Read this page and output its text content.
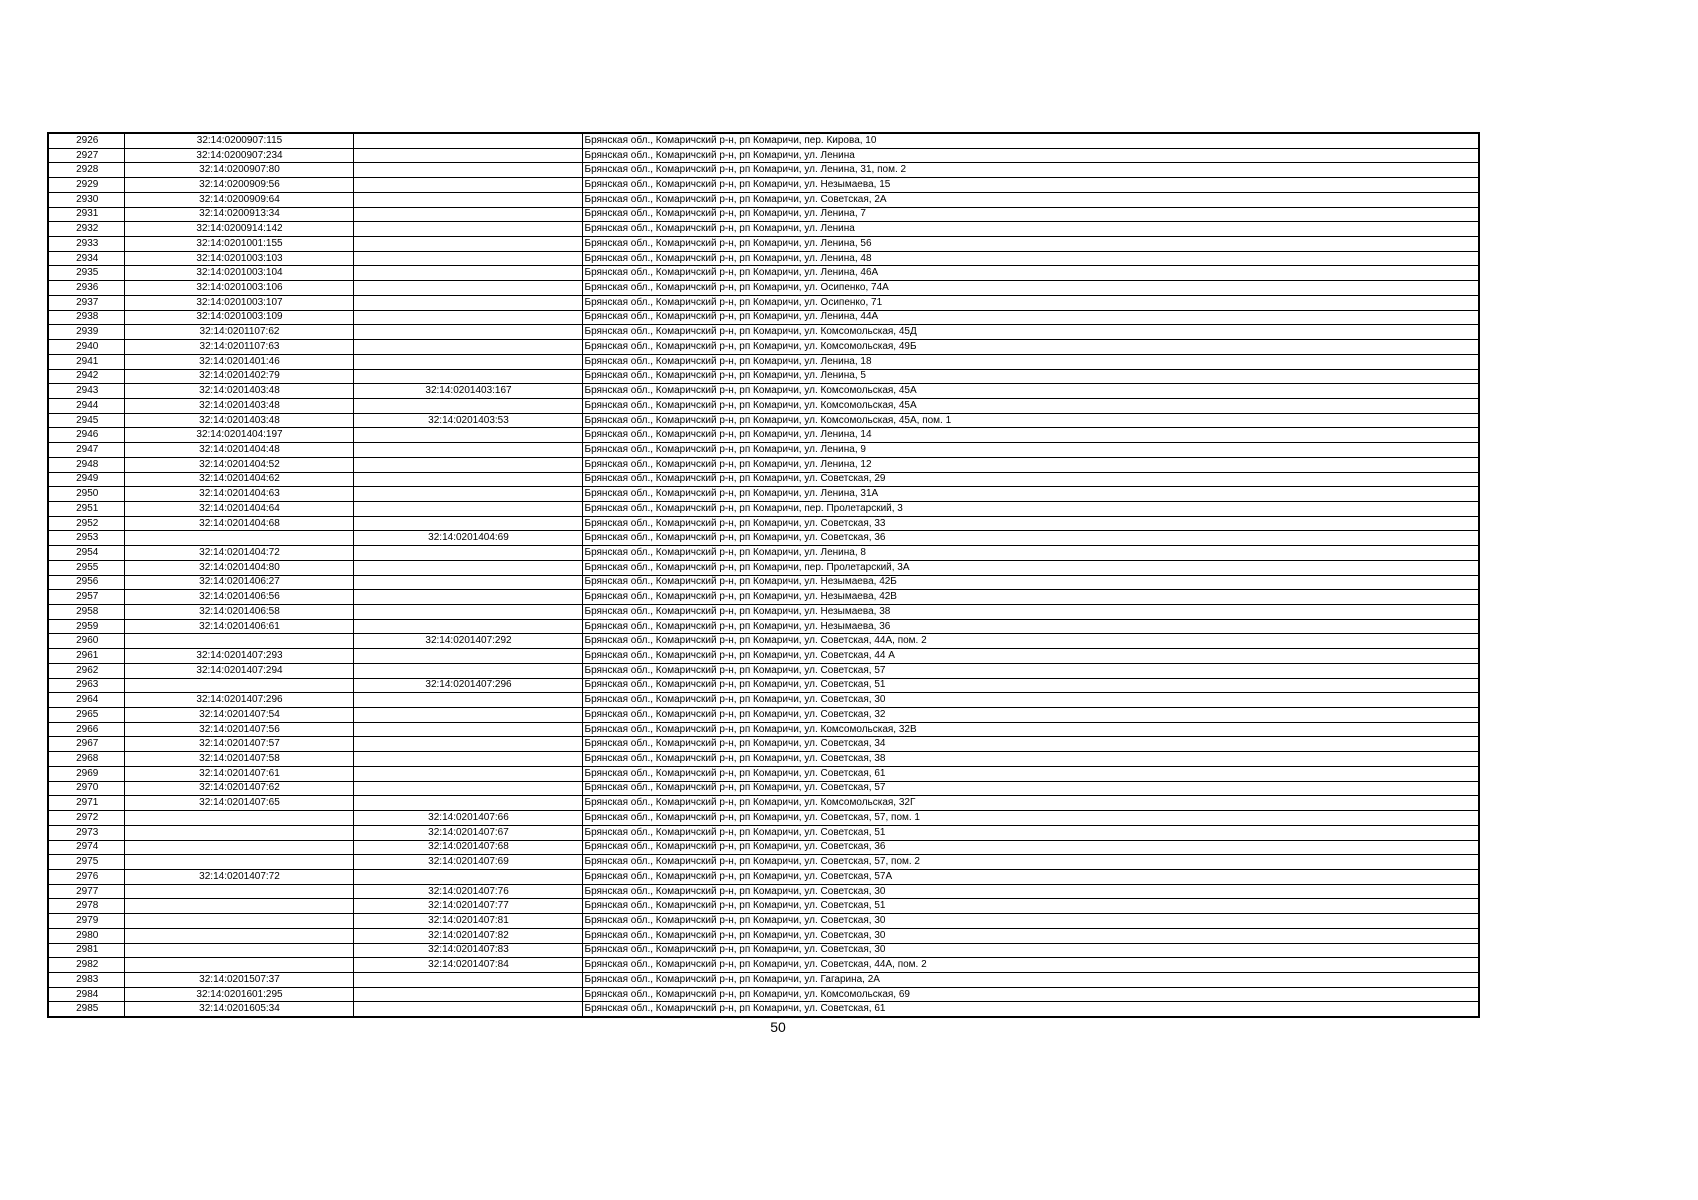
2926	32:14:0200907:115		Брянская обл., Комаричский р-н, рп Комаричи, пер. Кирова, 10
2927	32:14:0200907:234		Брянская обл., Комаричский р-н, рп Комаричи, ул. Ленина
2928	32:14:0200907:80		Брянская обл., Комаричский р-н, рп Комаричи, ул. Ленина, 31, пом. 2
2929	32:14:0200909:56		Брянская обл., Комаричский р-н, рп Комаричи, ул. Незымаева, 15
2930	32:14:0200909:64		Брянская обл., Комаричский р-н, рп Комаричи, ул. Советская, 2А
2931	32:14:0200913:34		Брянская обл., Комаричский р-н, рп Комаричи, ул. Ленина, 7
2932	32:14:0200914:142		Брянская обл., Комаричский р-н, рп Комаричи, ул. Ленина
2933	32:14:0201001:155		Брянская обл., Комаричский р-н, рп Комаричи, ул. Ленина, 56
2934	32:14:0201003:103		Брянская обл., Комаричский р-н, рп Комаричи, ул. Ленина, 48
2935	32:14:0201003:104		Брянская обл., Комаричский р-н, рп Комаричи, ул. Ленина, 46А
2936	32:14:0201003:106		Брянская обл., Комаричский р-н, рп Комаричи, ул. Осипенко, 74А
2937	32:14:0201003:107		Брянская обл., Комаричский р-н, рп Комаричи, ул. Осипенко, 71
2938	32:14:0201003:109		Брянская обл., Комаричский р-н, рп Комаричи, ул. Ленина, 44А
2939	32:14:0201107:62		Брянская обл., Комаричский р-н, рп Комаричи, ул. Комсомольская, 45Д
2940	32:14:0201107:63		Брянская обл., Комаричский р-н, рп Комаричи, ул. Комсомольская, 49Б
2941	32:14:0201401:46		Брянская обл., Комаричский р-н, рп Комаричи, ул. Ленина, 18
2942	32:14:0201402:79		Брянская обл., Комаричский р-н, рп Комаричи, ул. Ленина, 5
2943	32:14:0201403:48	32:14:0201403:167	Брянская обл., Комаричский р-н, рп Комаричи, ул. Комсомольская, 45А
2944	32:14:0201403:48		Брянская обл., Комаричский р-н, рп Комаричи, ул. Комсомольская, 45А
2945	32:14:0201403:48	32:14:0201403:53	Брянская обл., Комаричский р-н, рп Комаричи, ул. Комсомольская, 45А, пом. 1
2946	32:14:0201404:197		Брянская обл., Комаричский р-н, рп Комаричи, ул. Ленина, 14
2947	32:14:0201404:48		Брянская обл., Комаричский р-н, рп Комаричи, ул. Ленина, 9
2948	32:14:0201404:52		Брянская обл., Комаричский р-н, рп Комаричи, ул. Ленина, 12
2949	32:14:0201404:62		Брянская обл., Комаричский р-н, рп Комаричи, ул. Советская, 29
2950	32:14:0201404:63		Брянская обл., Комаричский р-н, рп Комаричи, ул. Ленина, 31А
2951	32:14:0201404:64		Брянская обл., Комаричский р-н, рп Комаричи, пер. Пролетарский, 3
2952	32:14:0201404:68		Брянская обл., Комаричский р-н, рп Комаричи, ул. Советская, 33
2953		32:14:0201404:69	Брянская обл., Комаричский р-н, рп Комаричи, ул. Советская, 36
2954	32:14:0201404:72		Брянская обл., Комаричский р-н, рп Комаричи, ул. Ленина, 8
2955	32:14:0201404:80		Брянская обл., Комаричский р-н, рп Комаричи, пер. Пролетарский, 3А
2956	32:14:0201406:27		Брянская обл., Комаричский р-н, рп Комаричи, ул. Незымаева, 42Б
2957	32:14:0201406:56		Брянская обл., Комаричский р-н, рп Комаричи, ул. Незымаева, 42В
2958	32:14:0201406:58		Брянская обл., Комаричский р-н, рп Комаричи, ул. Незымаева, 38
2959	32:14:0201406:61		Брянская обл., Комаричский р-н, рп Комаричи, ул. Незымаева, 36
2960		32:14:0201407:292	Брянская обл., Комаричский р-н, рп Комаричи, ул. Советская, 44А, пом. 2
2961	32:14:0201407:293		Брянская обл., Комаричский р-н, рп Комаричи, ул. Советская, 44 А
2962	32:14:0201407:294		Брянская обл., Комаричский р-н, рп Комаричи, ул. Советская, 57
2963		32:14:0201407:296	Брянская обл., Комаричский р-н, рп Комаричи, ул. Советская, 51
2964	32:14:0201407:296		Брянская обл., Комаричский р-н, рп Комаричи, ул. Советская, 30
2965	32:14:0201407:54		Брянская обл., Комаричский р-н, рп Комаричи, ул. Советская, 32
2966	32:14:0201407:56		Брянская обл., Комаричский р-н, рп Комаричи, ул. Комсомольская, 32В
2967	32:14:0201407:57		Брянская обл., Комаричский р-н, рп Комаричи, ул. Советская, 34
2968	32:14:0201407:58		Брянская обл., Комаричский р-н, рп Комаричи, ул. Советская, 38
2969	32:14:0201407:61		Брянская обл., Комаричский р-н, рп Комаричи, ул. Советская, 61
2970	32:14:0201407:62		Брянская обл., Комаричский р-н, рп Комаричи, ул. Советская, 57
2971	32:14:0201407:65		Брянская обл., Комаричский р-н, рп Комаричи, ул. Комсомольская, 32Г
2972		32:14:0201407:66	Брянская обл., Комаричский р-н, рп Комаричи, ул. Советская, 57, пом. 1
2973		32:14:0201407:67	Брянская обл., Комаричский р-н, рп Комаричи, ул. Советская, 51
2974		32:14:0201407:68	Брянская обл., Комаричский р-н, рп Комаричи, ул. Советская, 36
2975		32:14:0201407:69	Брянская обл., Комаричский р-н, рп Комаричи, ул. Советская, 57, пом. 2
2976	32:14:0201407:72		Брянская обл., Комаричский р-н, рп Комаричи, ул. Советская, 57А
2977		32:14:0201407:76	Брянская обл., Комаричский р-н, рп Комаричи, ул. Советская, 30
2978		32:14:0201407:77	Брянская обл., Комаричский р-н, рп Комаричи, ул. Советская, 51
2979		32:14:0201407:81	Брянская обл., Комаричский р-н, рп Комаричи, ул. Советская, 30
2980		32:14:0201407:82	Брянская обл., Комаричский р-н, рп Комаричи, ул. Советская, 30
2981		32:14:0201407:83	Брянская обл., Комаричский р-н, рп Комаричи, ул. Советская, 30
2982		32:14:0201407:84	Брянская обл., Комаричский р-н, рп Комаричи, ул. Советская, 44А, пом. 2
2983	32:14:0201507:37		Брянская обл., Комаричский р-н, рп Комаричи, ул. Гагарина, 2А
2984	32:14:0201601:295		Брянская обл., Комаричский р-н, рп Комаричи, ул. Комсомольская, 69
2985	32:14:0201605:34		Брянская обл., Комаричский р-н, рп Комаричи, ул. Советская, 61
50
